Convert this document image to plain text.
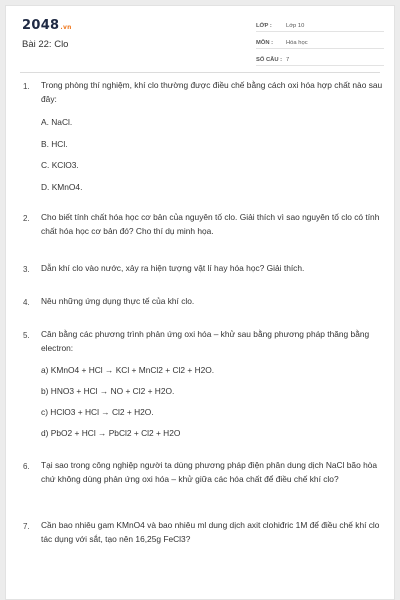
2048.vn
Bài 22: Clo
LỚP :	Lớp 10
MÔN :	Hóa học
SỐ CÂU : 7
1. Trong phòng thí nghiệm, khí clo thường được điều chế bằng cách oxi hóa hợp chất nào sau đây:
A. NaCl.
B. HCl.
C. KClO3.
D. KMnO4.
2. Cho biết tính chất hóa học cơ bản của nguyên tố clo. Giải thích vì sao nguyên tố clo có tính chất hóa học cơ bản đó? Cho thí dụ minh họa.
3. Dẫn khí clo vào nước, xảy ra hiện tượng vật lí hay hóa học? Giải thích.
4. Nêu những ứng dụng thực tế của khí clo.
5. Cân bằng các phương trình phản ứng oxi hóa – khử sau bằng phương pháp thăng bằng electron:
a) KMnO4 + HCl → KCl + MnCl2 + Cl2 + H2O.
b) HNO3 + HCl → NO + Cl2 + H2O.
c) HClO3 + HCl → Cl2 + H2O.
d) PbO2 + HCl → PbCl2 + Cl2 + H2O
6. Tại sao trong công nghiệp người ta dùng phương pháp điện phân dung dịch NaCl bão hòa chứ không dùng phản ứng oxi hóa – khử giữa các hóa chất để điều chế khí clo?
7. Cần bao nhiêu gam KMnO4 và bao nhiêu ml dung dịch axit clohiđric 1M để điều chế khí clo tác dụng với sắt, tạo nên 16,25g FeCl3?
